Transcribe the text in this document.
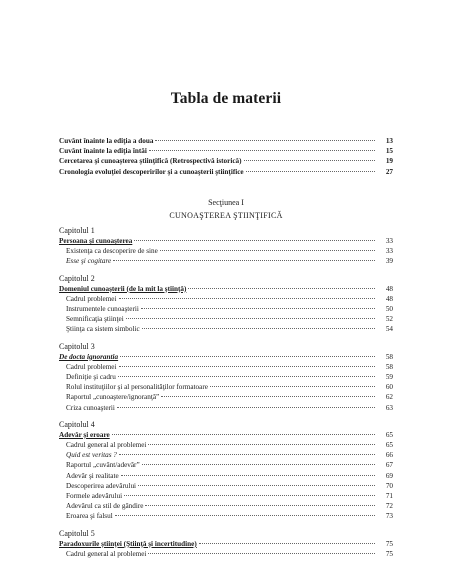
Tabla de materii
Cuvânt înainte la ediţia a doua	13
Cuvânt înainte la ediţia întâi	15
Cercetarea şi cunoaşterea ştiinţifică (Retrospectivă istorică)	19
Cronologia evoluţiei descoperirilor şi a cunoaşterii ştiinţifice	27
Secţiunea I
CUNOAŞTEREA ŞTIINŢIFICĂ
Capitolul 1
Persoana şi cunoaşterea	33
Existenţa ca descoperire de sine	33
Esse şi cogitare	39
Capitolul 2
Domeniul cunoaşterii (de la mit la ştiinţă)	48
Cadrul problemei	48
Instrumentele cunoaşterii	50
Semnificaţia ştiinţei	52
Ştiinţa ca sistem simbolic	54
Capitolul 3
De docta ignorantia	58
Cadrul problemei	58
Definiţie şi cadru	59
Rolul instituţiilor şi al personalităţilor formatoare	60
Raportul „cunoaştere/ignoranţă”	62
Criza cunoaşterii	63
Capitolul 4
Adevăr şi eroare	65
Cadrul general al problemei	65
Quid est veritas ?	66
Raportul „cuvânt/adevăr”	67
Adevăr şi realitate	69
Descoperirea adevărului	70
Formele adevărului	71
Adevărul ca stil de gândire	72
Eroarea şi falsul	73
Capitolul 5
Paradoxurile ştiinţei (Ştiinţă şi incertitudine)	75
Cadrul general al problemei	75
